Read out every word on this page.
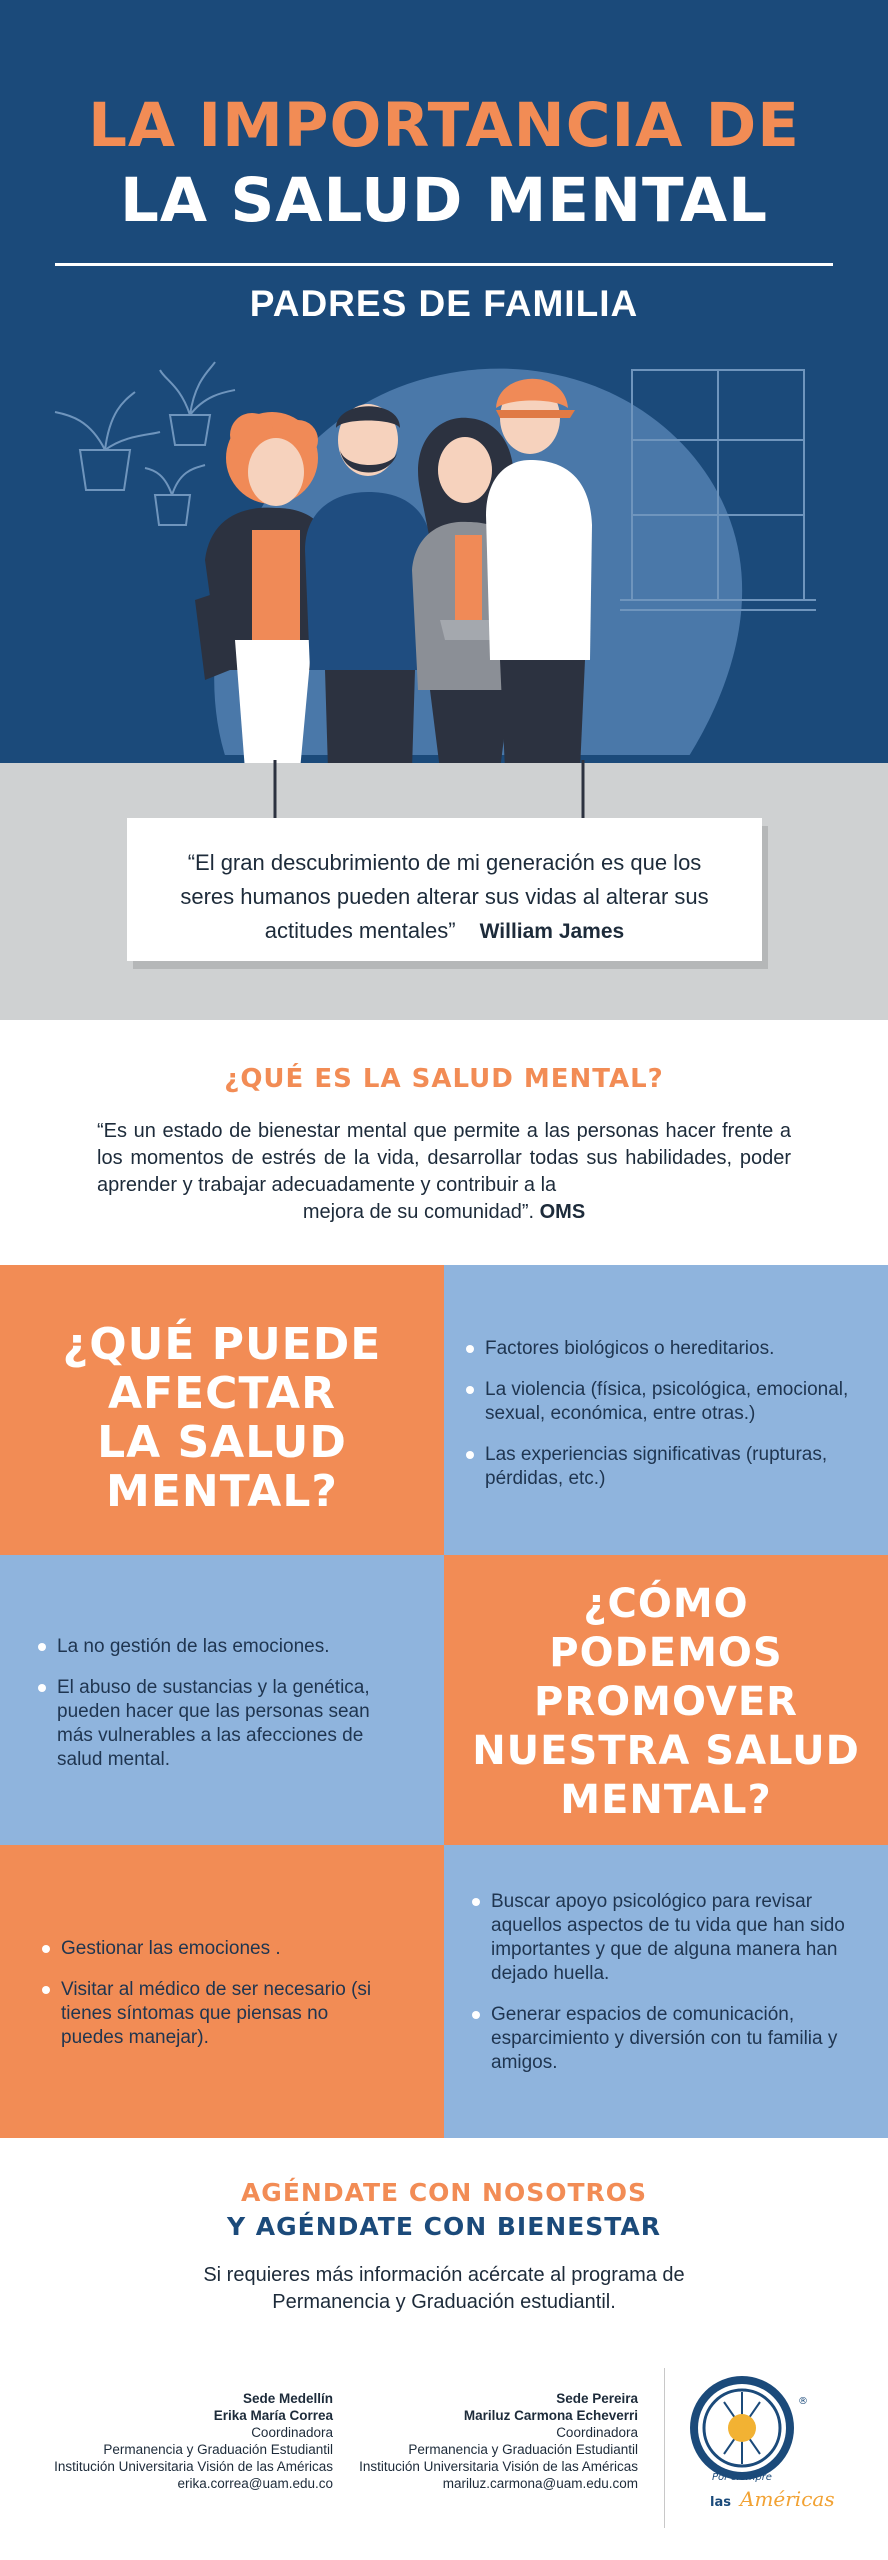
LA IMPORTANCIA DE
LA SALUD MENTAL
PADRES DE FAMILIA

“El gran descubrimiento de mi generación es que los
seres humanos pueden alterar sus vidas al alterar sus
actitudes mentales” William James

¿QUÉ ES LA SALUD MENTAL?

“Es un estado de bienestar mental que permite a las personas hacer frente a los momentos de estrés de la vida, desarrollar todas sus habilidades, poder aprender y trabajar adecuadamente y contribuir a la
mejora de su comunidad”. OMS

¿QUÉ PUEDE
AFECTAR
LA SALUD
MENTAL?
Factores biológicos o hereditarios.
La violencia (física, psicológica, emocional, sexual, económica, entre otras.)
Las experiencias significativas (rupturas, pérdidas, etc.)
La no gestión de las emociones.
El abuso de sustancias y la genética, pueden hacer que las personas sean más vulnerables a las afecciones de salud mental.
¿CÓMO
PODEMOS
PROMOVER
NUESTRA SALUD
MENTAL?
Gestionar las emociones .
Visitar al médico de ser necesario (si tienes síntomas que piensas no puedes manejar).
Buscar apoyo psicológico para revisar aquellos aspectos de tu vida que han sido importantes y que de alguna manera han dejado huella.
Generar espacios de comunicación, esparcimiento y diversión con tu familia y amigos.
AGÉNDATE CON NOSOTROS
Y AGÉNDATE CON BIENESTAR

Si requieres más información acércate al programa de
Permanencia y Graduación estudiantil.

Sede Medellín
Erika María Correa
Coordinadora
Permanencia y Graduación Estudiantil
Institución Universitaria Visión de las Américas
erika.correa@uam.edu.co
Sede Pereira
Mariluz Carmona Echeverri
Coordinadora
Permanencia y Graduación Estudiantil
Institución Universitaria Visión de las Américas
mariluz.carmona@uam.edu.com	Por siempre
las Américas
®
